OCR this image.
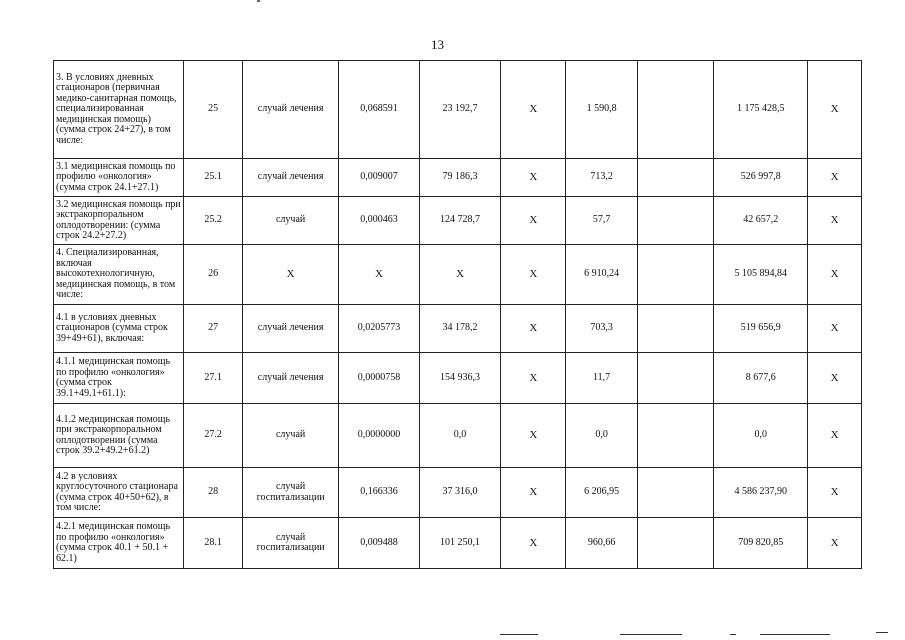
13
3. В условиях дневных стационаров (первичная медико-санитарная помощь, специализированная медицинская помощь) (сумма строк 24+27), в том числе:	25	случай лечения	0,068591	23 192,7	Х	1 590,8		1 175 428,5	Х
3.1 медицинская помощь по профилю «онкология» (сумма строк 24.1+27.1)	25.1	случай лечения	0,009007	79 186,3	Х	713,2		526 997,8	Х
3.2 медицинская помощь при экстракорпоральном оплодотворении: (сумма строк 24.2+27.2)	25.2	случай	0,000463	124 728,7	Х	57,7		42 657,2	Х
4. Специализированная, включая высокотехнологичную, медицинская помощь, в том числе:	26	Х	Х	Х	Х	6 910,24		5 105 894,84	Х
4.1 в условиях дневных стационаров (сумма строк 39+49+61), включая:	27	случай лечения	0,0205773	34 178,2	Х	703,3		519 656,9	Х
4.1.1 медицинская помощь по профилю «онкология» (сумма строк 39.1+49.1+61.1):	27.1	случай лечения	0,0000758	154 936,3	Х	11,7		8 677,6	Х
4.1.2 медицинская помощь при экстракорпоральном оплодотворении (сумма строк 39.2+49.2+61.2)	27.2	случай	0,0000000	0,0	Х	0,0		0,0	Х
4.2 в условиях круглосуточного стационара (сумма строк 40+50+62), в том числе:	28	случай госпитализации	0,166336	37 316,0	Х	6 206,95		4 586 237,90	Х
4.2.1 медицинская помощь по профилю «онкология» (сумма строк 40.1 + 50.1 + 62.1)	28.1	случай госпитализации	0,009488	101 250,1	Х	960,66		709 820,85	Х
